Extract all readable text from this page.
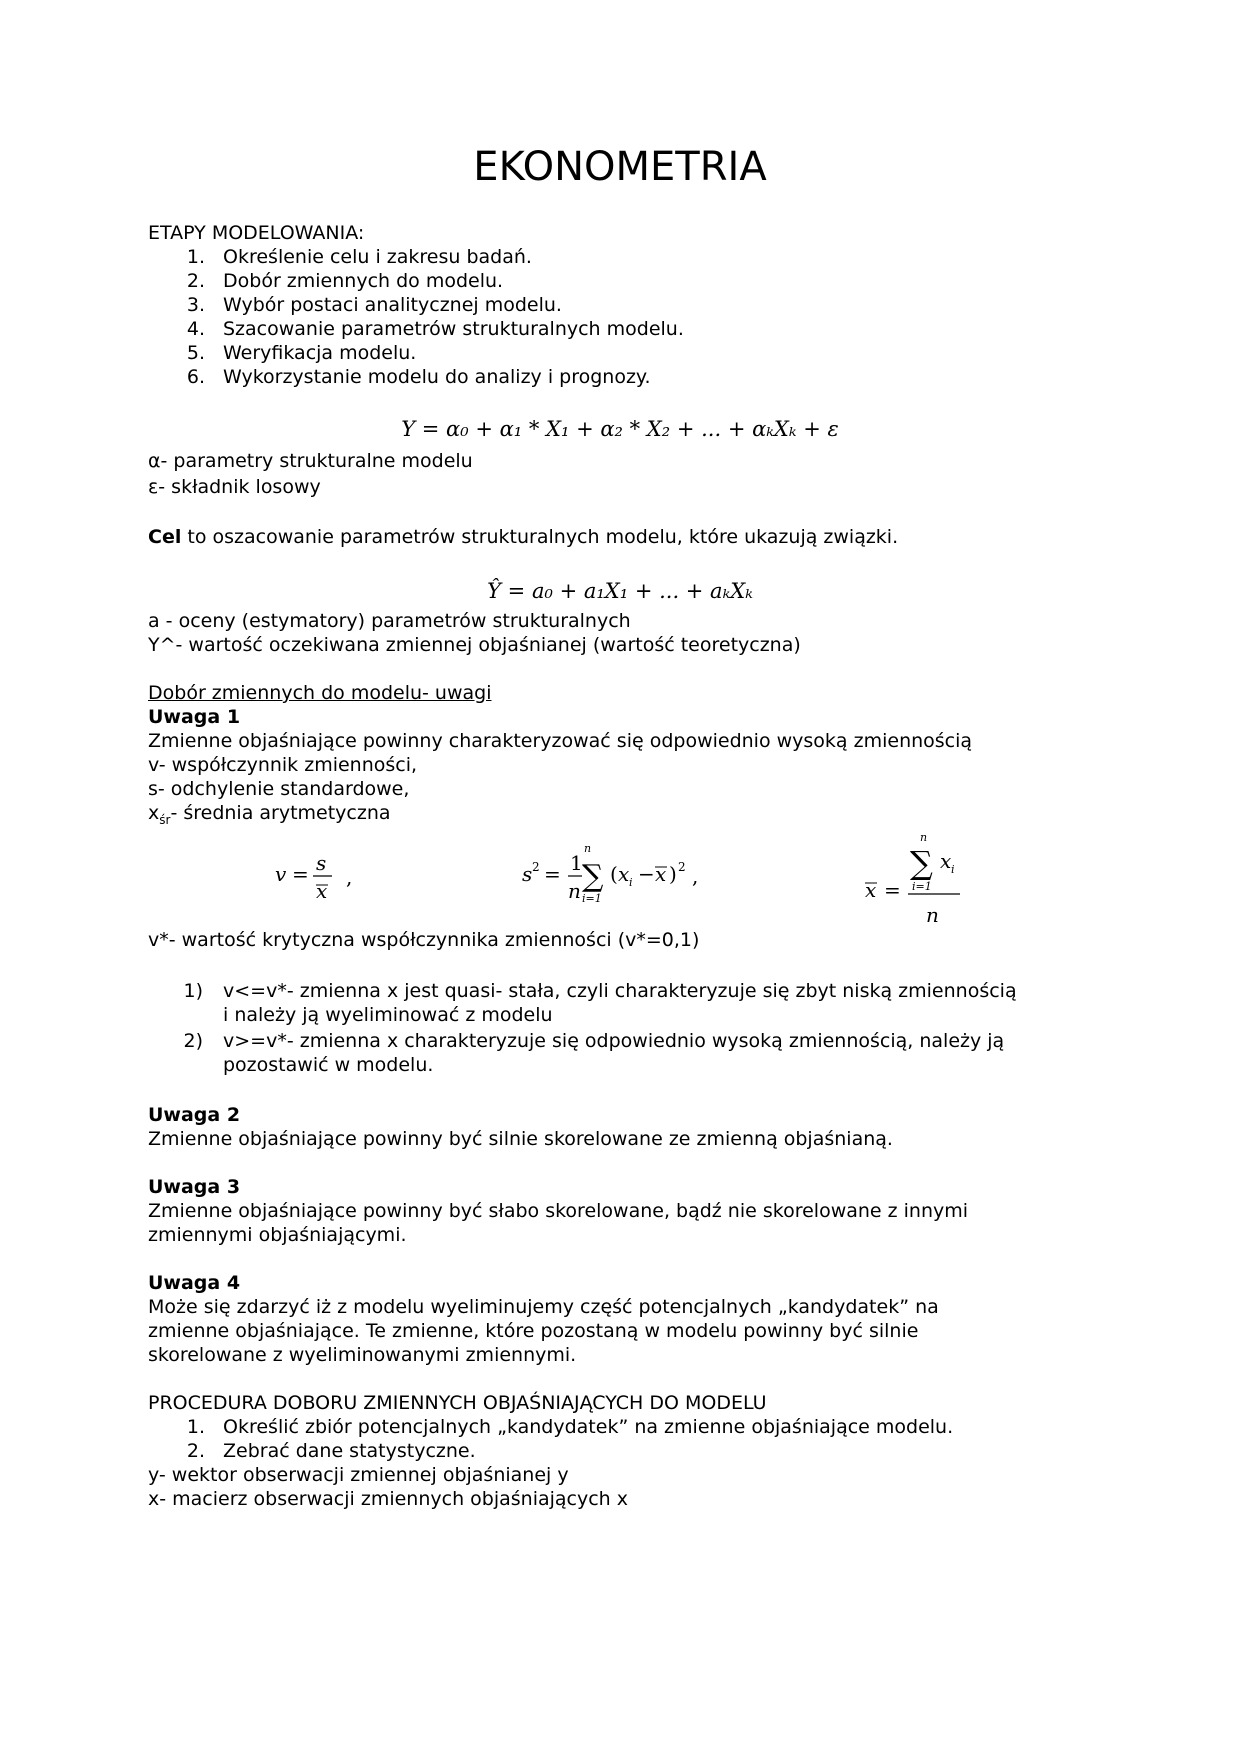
EKONOMETRIA
ETAPY MODELOWANIA:
1. Określenie celu i zakresu badań.
2. Dobór zmiennych do modelu.
3. Wybór postaci analitycznej modelu.
4. Szacowanie parametrów strukturalnych modelu.
5. Weryfikacja modelu.
6. Wykorzystanie modelu do analizy i prognozy.
Y = α₀ + α₁ * X₁ + α₂ * X₂ + ... + αₖXₖ + ε
α- parametry strukturalne modelu
ε- składnik losowy
Cel to oszacowanie parametrów strukturalnych modelu, które ukazują związki.
Ŷ = a₀ + a₁X₁ + ... + aₖXₖ
a - oceny (estymatory) parametrów strukturalnych
Y^- wartość oczekiwana zmiennej objaśnianej (wartość teoretyczna)
Dobór zmiennych do modelu- uwagi
Uwaga 1
Zmienne objaśniające powinny charakteryzować się odpowiednio wysoką zmiennością
v- współczynnik zmienności,
s- odchylenie standardowe,
$x_{śr}-$ średnia arytmetyczna
v = s
x
,	s 2 = 1
n
n
∑
i=1
( x i − x ) 2 ,
x =
n
∑ x i
i=1
n
v*- wartość krytyczna współczynnika zmienności (v*=0,1)
1) v<=v*- zmienna x jest quasi- stała, czyli charakteryzuje się zbyt niską zmiennością
i należy ją wyeliminować z modelu
2) v>=v*- zmienna x charakteryzuje się odpowiednio wysoką zmiennością, należy ją
pozostawić w modelu.
Uwaga 2
Zmienne objaśniające powinny być silnie skorelowane ze zmienną objaśnianą.
Uwaga 3
Zmienne objaśniające powinny być słabo skorelowane, bądź nie skorelowane z innymi
zmiennymi objaśniającymi.
Uwaga 4
Może się zdarzyć iż z modelu wyeliminujemy część potencjalnych „kandydatek” na
zmienne objaśniające. Te zmienne, które pozostaną w modelu powinny być silnie
skorelowane z wyeliminowanymi zmiennymi.
PROCEDURA DOBORU ZMIENNYCH OBJAŚNIAJĄCYCH DO MODELU
1. Określić zbiór potencjalnych „kandydatek” na zmienne objaśniające modelu.
2. Zebrać dane statystyczne.
y- wektor obserwacji zmiennej objaśnianej y
x- macierz obserwacji zmiennych objaśniających x
